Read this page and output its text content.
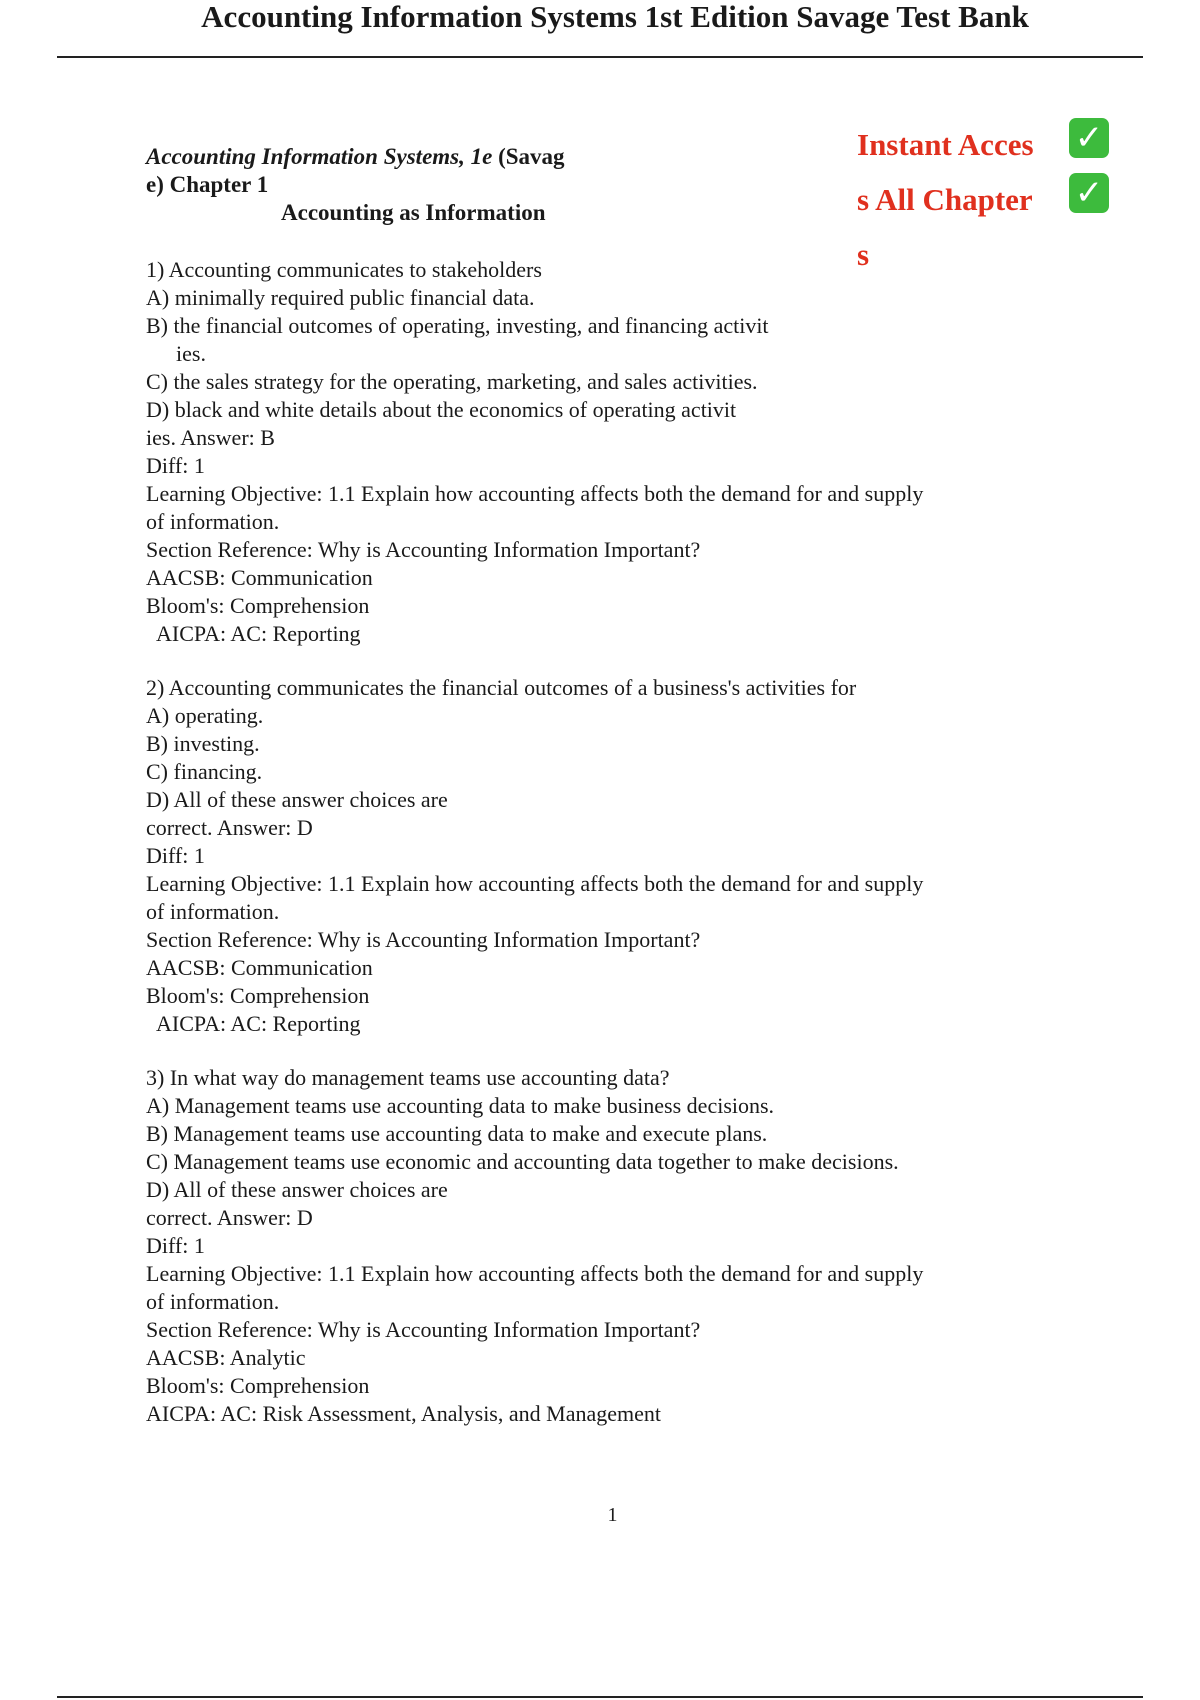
Accounting Information Systems 1st Edition Savage Test Bank
Accounting Information Systems, 1e (Savag
e) Chapter 1
Accounting as Information
Instant Acces
s All Chapter
s
✓
✓
1) Accounting communicates to stakeholders
A) minimally required public financial data.
B) the financial outcomes of operating, investing, and financing activit
ies.
C) the sales strategy for the operating, marketing, and sales activities.
D) black and white details about the economics of operating activit
ies. Answer: B
Diff: 1
Learning Objective: 1.1 Explain how accounting affects both the demand for and supply
of information.
Section Reference: Why is Accounting Information Important?
AACSB: Communication
Bloom's: Comprehension
AICPA: AC: Reporting
2) Accounting communicates the financial outcomes of a business's activities for
A) operating.
B) investing.
C) financing.
D) All of these answer choices are
correct. Answer: D
Diff: 1
Learning Objective: 1.1 Explain how accounting affects both the demand for and supply
of information.
Section Reference: Why is Accounting Information Important?
AACSB: Communication
Bloom's: Comprehension
AICPA: AC: Reporting
3) In what way do management teams use accounting data?
A) Management teams use accounting data to make business decisions.
B) Management teams use accounting data to make and execute plans.
C) Management teams use economic and accounting data together to make decisions.
D) All of these answer choices are
correct. Answer: D
Diff: 1
Learning Objective: 1.1 Explain how accounting affects both the demand for and supply
of information.
Section Reference: Why is Accounting Information Important?
AACSB: Analytic
Bloom's: Comprehension
AICPA: AC: Risk Assessment, Analysis, and Management
1
